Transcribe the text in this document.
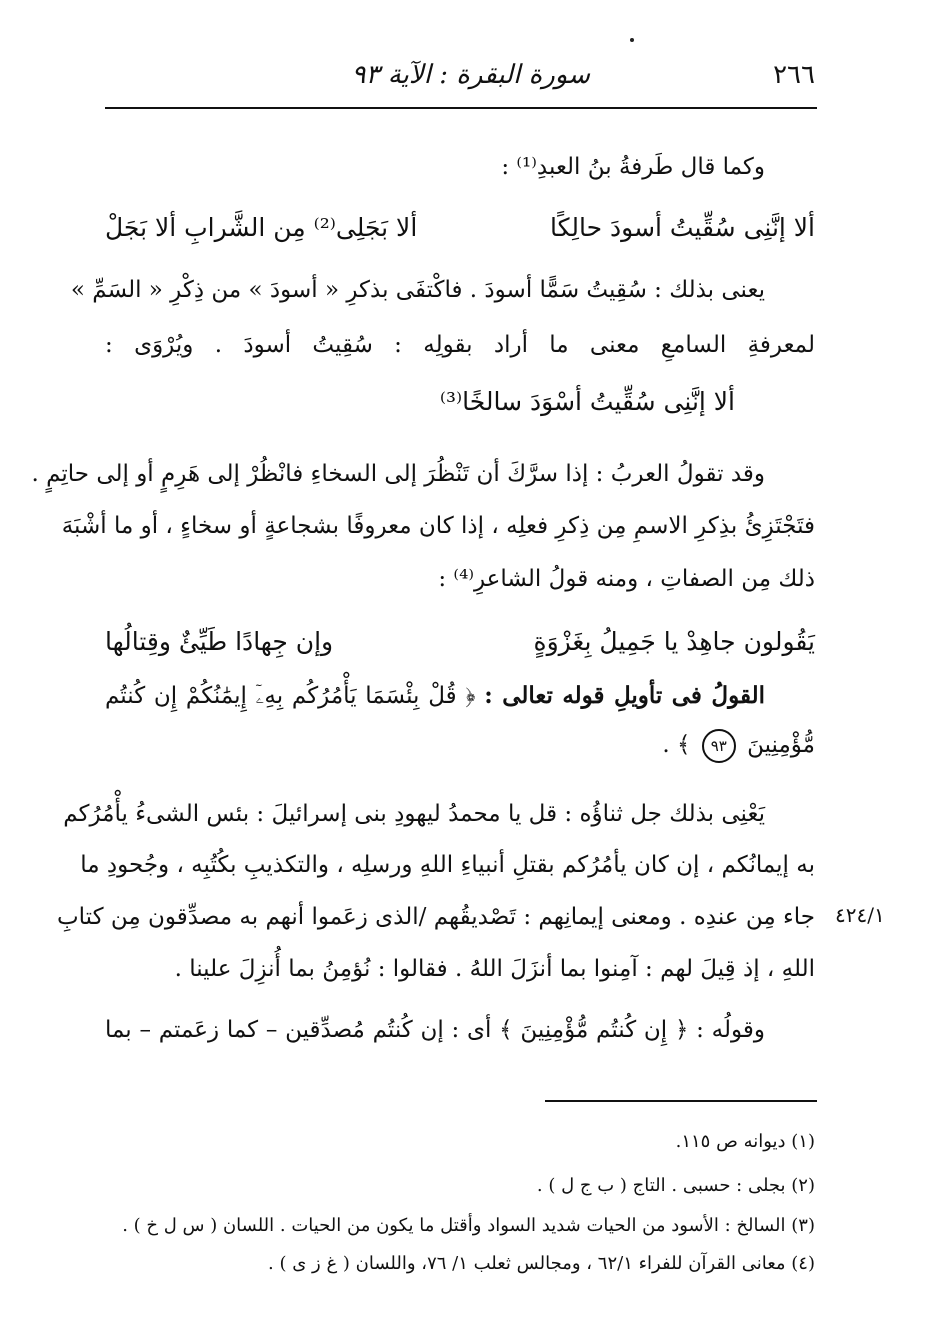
٢٦٦
سورة البقرة : الآية ٩٣
وكما قال طَرفةُ بنُ العبدِ⁽¹⁾ :
ألا إنَّنِى سُقِّيتُ أسودَ حالِكًا
ألا بَجَلِى⁽²⁾ مِن الشَّرابِ ألا بَجَلْ
يعنى بذلك : سُقِيتُ سَمًّا أسودَ . فاكْتفَى بذكرِ « أسودَ » من ذِكْرِ « السَمِّ »
لمعرفةِ السامعِ معنى ما أراد بقولِه : سُقِيتُ أسودَ . ويُرْوَى :
ألا إنَّنِى سُقِّيتُ أسْوَدَ سالخًا⁽³⁾
وقد تقولُ العربُ : إذا سرَّكَ أن تَنْظُرَ إلى السخاءِ فانْظُرْ إلى هَرِمٍ أو إلى حاتِمٍ .
فتَجْتَزِئُ بذِكرِ الاسمِ مِن ذِكرِ فعلِه ، إذا كان معروفًا بشجاعةٍ أو سخاءٍ ، أو ما أشْبَهَ
ذلك مِن الصفاتِ ، ومنه قولُ الشاعرِ⁽⁴⁾ :
يَقُولون جاهِدْ يا جَمِيلُ بِغَزْوَةٍ
وإن جِهادًا طَيِّئٌ وقِتالُها
القولُ فى تأويلِ قوله تعالى : ﴿ قُلْ بِئْسَمَا يَأْمُرُكُم بِهِۦٓ إِيمَٰنُكُمْ إِن كُنتُم
مُّؤْمِنِينَ ٩٣ ﴾ .
يَعْنِى بذلك جل ثناؤُه : قل يا محمدُ ليهودِ بنى إسرائيلَ : بئس الشىءُ يأْمُرُكم
به إيمانُكم ، إن كان يأمُرُكم بقتلِ أنبياءِ اللهِ ورسلِه ، والتكذيبِ بكُتُبِه ، وجُحودِ ما
جاء مِن عندِه . ومعنى إيمانِهم : تَصْديقُهم /الذى زعَموا أنهم به مصدِّقون مِن كتابِ
اللهِ ، إذ قِيلَ لهم : آمِنوا بما أنزَلَ اللهُ . فقالوا : نُؤمِنُ بما أُنزِلَ علينا .
وقولُه : ﴿ إِن كُنتُم مُّؤْمِنِينَ ﴾ أى : إن كُنتُم مُصدِّقين – كما زعَمتم – بما
٤٢٤/١
(١) ديوانه ص ١١٥.
(٢) بجلى : حسبى . التاج ( ب ج ل ) .
(٣) السالخ : الأسود من الحيات شديد السواد وأقتل ما يكون من الحيات . اللسان ( س ل خ ) .
(٤) معانى القرآن للفراء ٦٢/١ ، ومجالس ثعلب ١/ ٧٦، واللسان ( غ ز ى ) .
